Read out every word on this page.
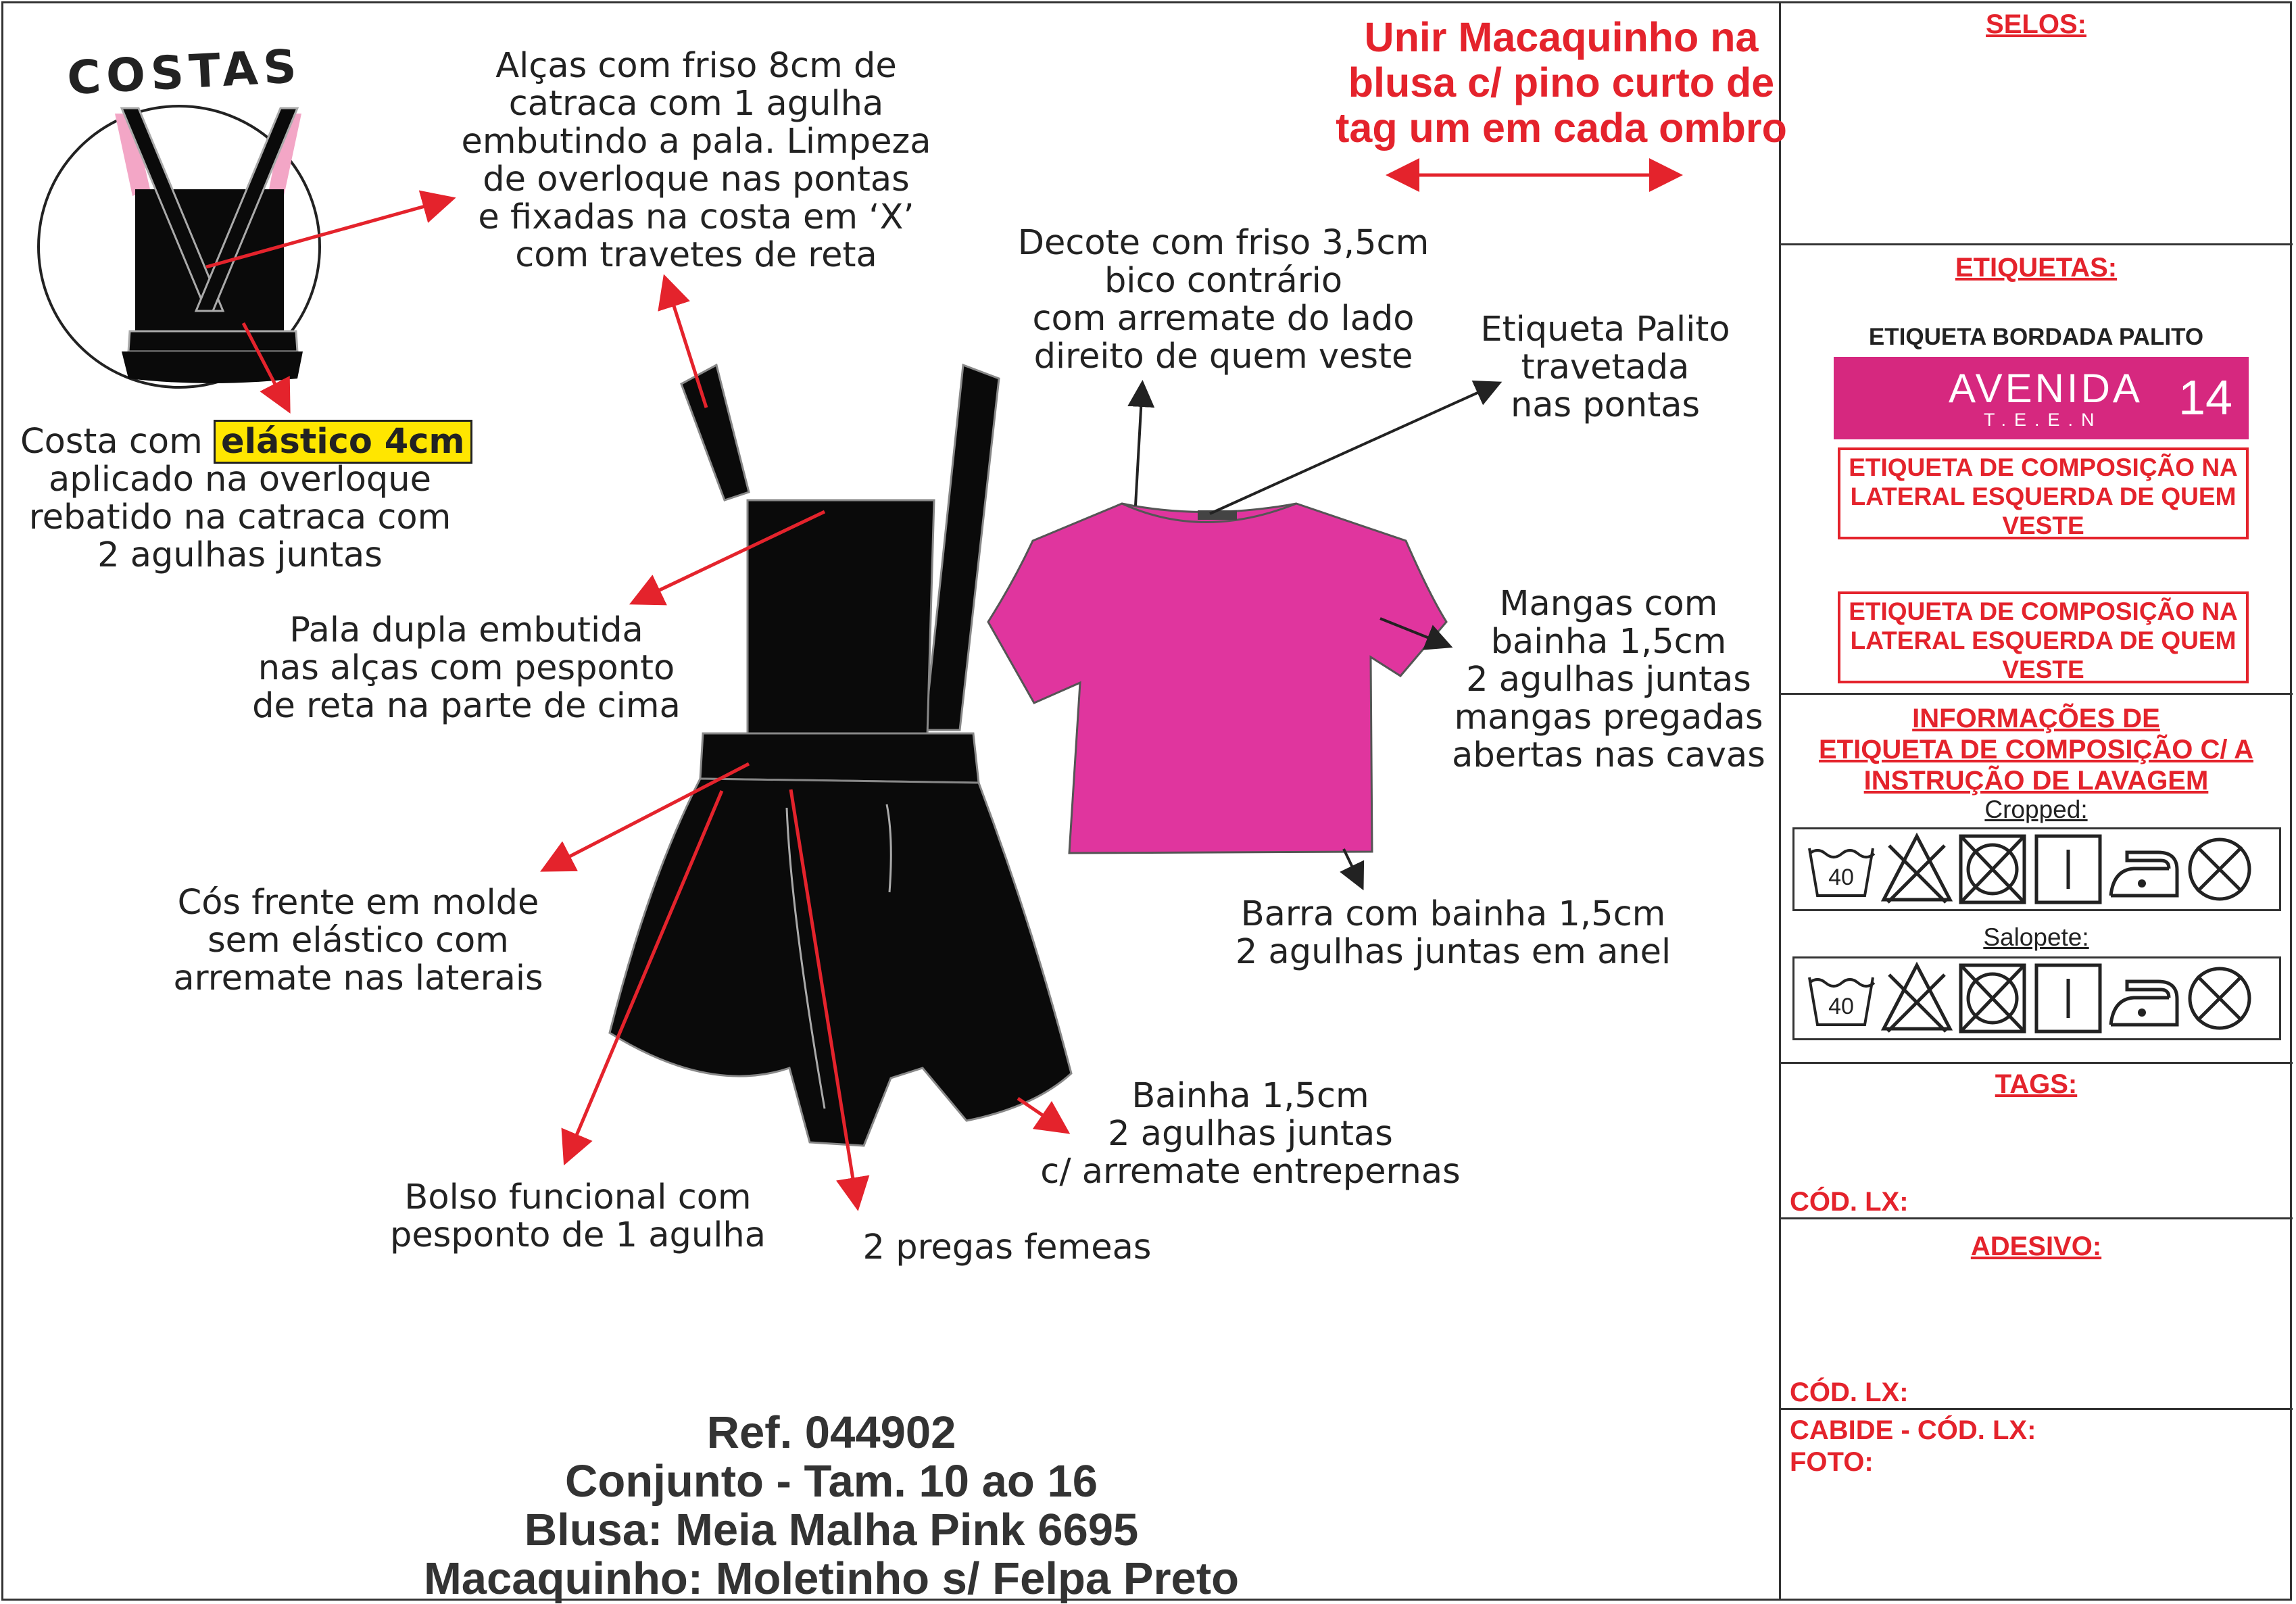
SELOS:
ETIQUETAS:
ETIQUETA BORDADA PALITO
AVENIDA
T.E.E.N 14
ETIQUETA DE COMPOSIÇÃO NA LATERAL ESQUERDA DE QUEM VESTE
ETIQUETA DE COMPOSIÇÃO NA LATERAL ESQUERDA DE QUEM VESTE
INFORMAÇÕES DE
ETIQUETA DE COMPOSIÇÃO C/ A
INSTRUÇÃO DE LAVAGEM
Cropped:
40
Salopete:
40
TAGS:
CÓD. LX:
ADESIVO:
CÓD. LX:
CABIDE - CÓD. LX:
FOTO:
Unir Macaquinho na
blusa c/ pino curto de
tag um em cada ombro
COSTAS
Costa com elástico 4cm
aplicado na overloque
rebatido na catraca com
2 agulhas juntas
Alças com friso 8cm de
catraca com 1 agulha
embutindo a pala. Limpeza
de overloque nas pontas
e fixadas na costa em ‘X’
com travetes de reta	Decote com friso 3,5cm
bico contrário
com arremate do lado
direito de quem veste
Etiqueta Palito
travetada
nas pontas
Pala dupla embutida
nas alças com pesponto
de reta na parte de cima
Mangas com
bainha 1,5cm
2 agulhas juntas
mangas pregadas
abertas nas cavas
Cós frente em molde
sem elástico com
arremate nas laterais
Barra com bainha 1,5cm
2 agulhas juntas em anel
Bainha 1,5cm
2 agulhas juntas
c/ arremate entrepernas
Bolso funcional com
pesponto de 1 agulha	2 pregas femeas
Ref. 044902
Conjunto - Tam. 10 ao 16
Blusa: Meia Malha Pink 6695
Macaquinho: Moletinho s/ Felpa Preto
